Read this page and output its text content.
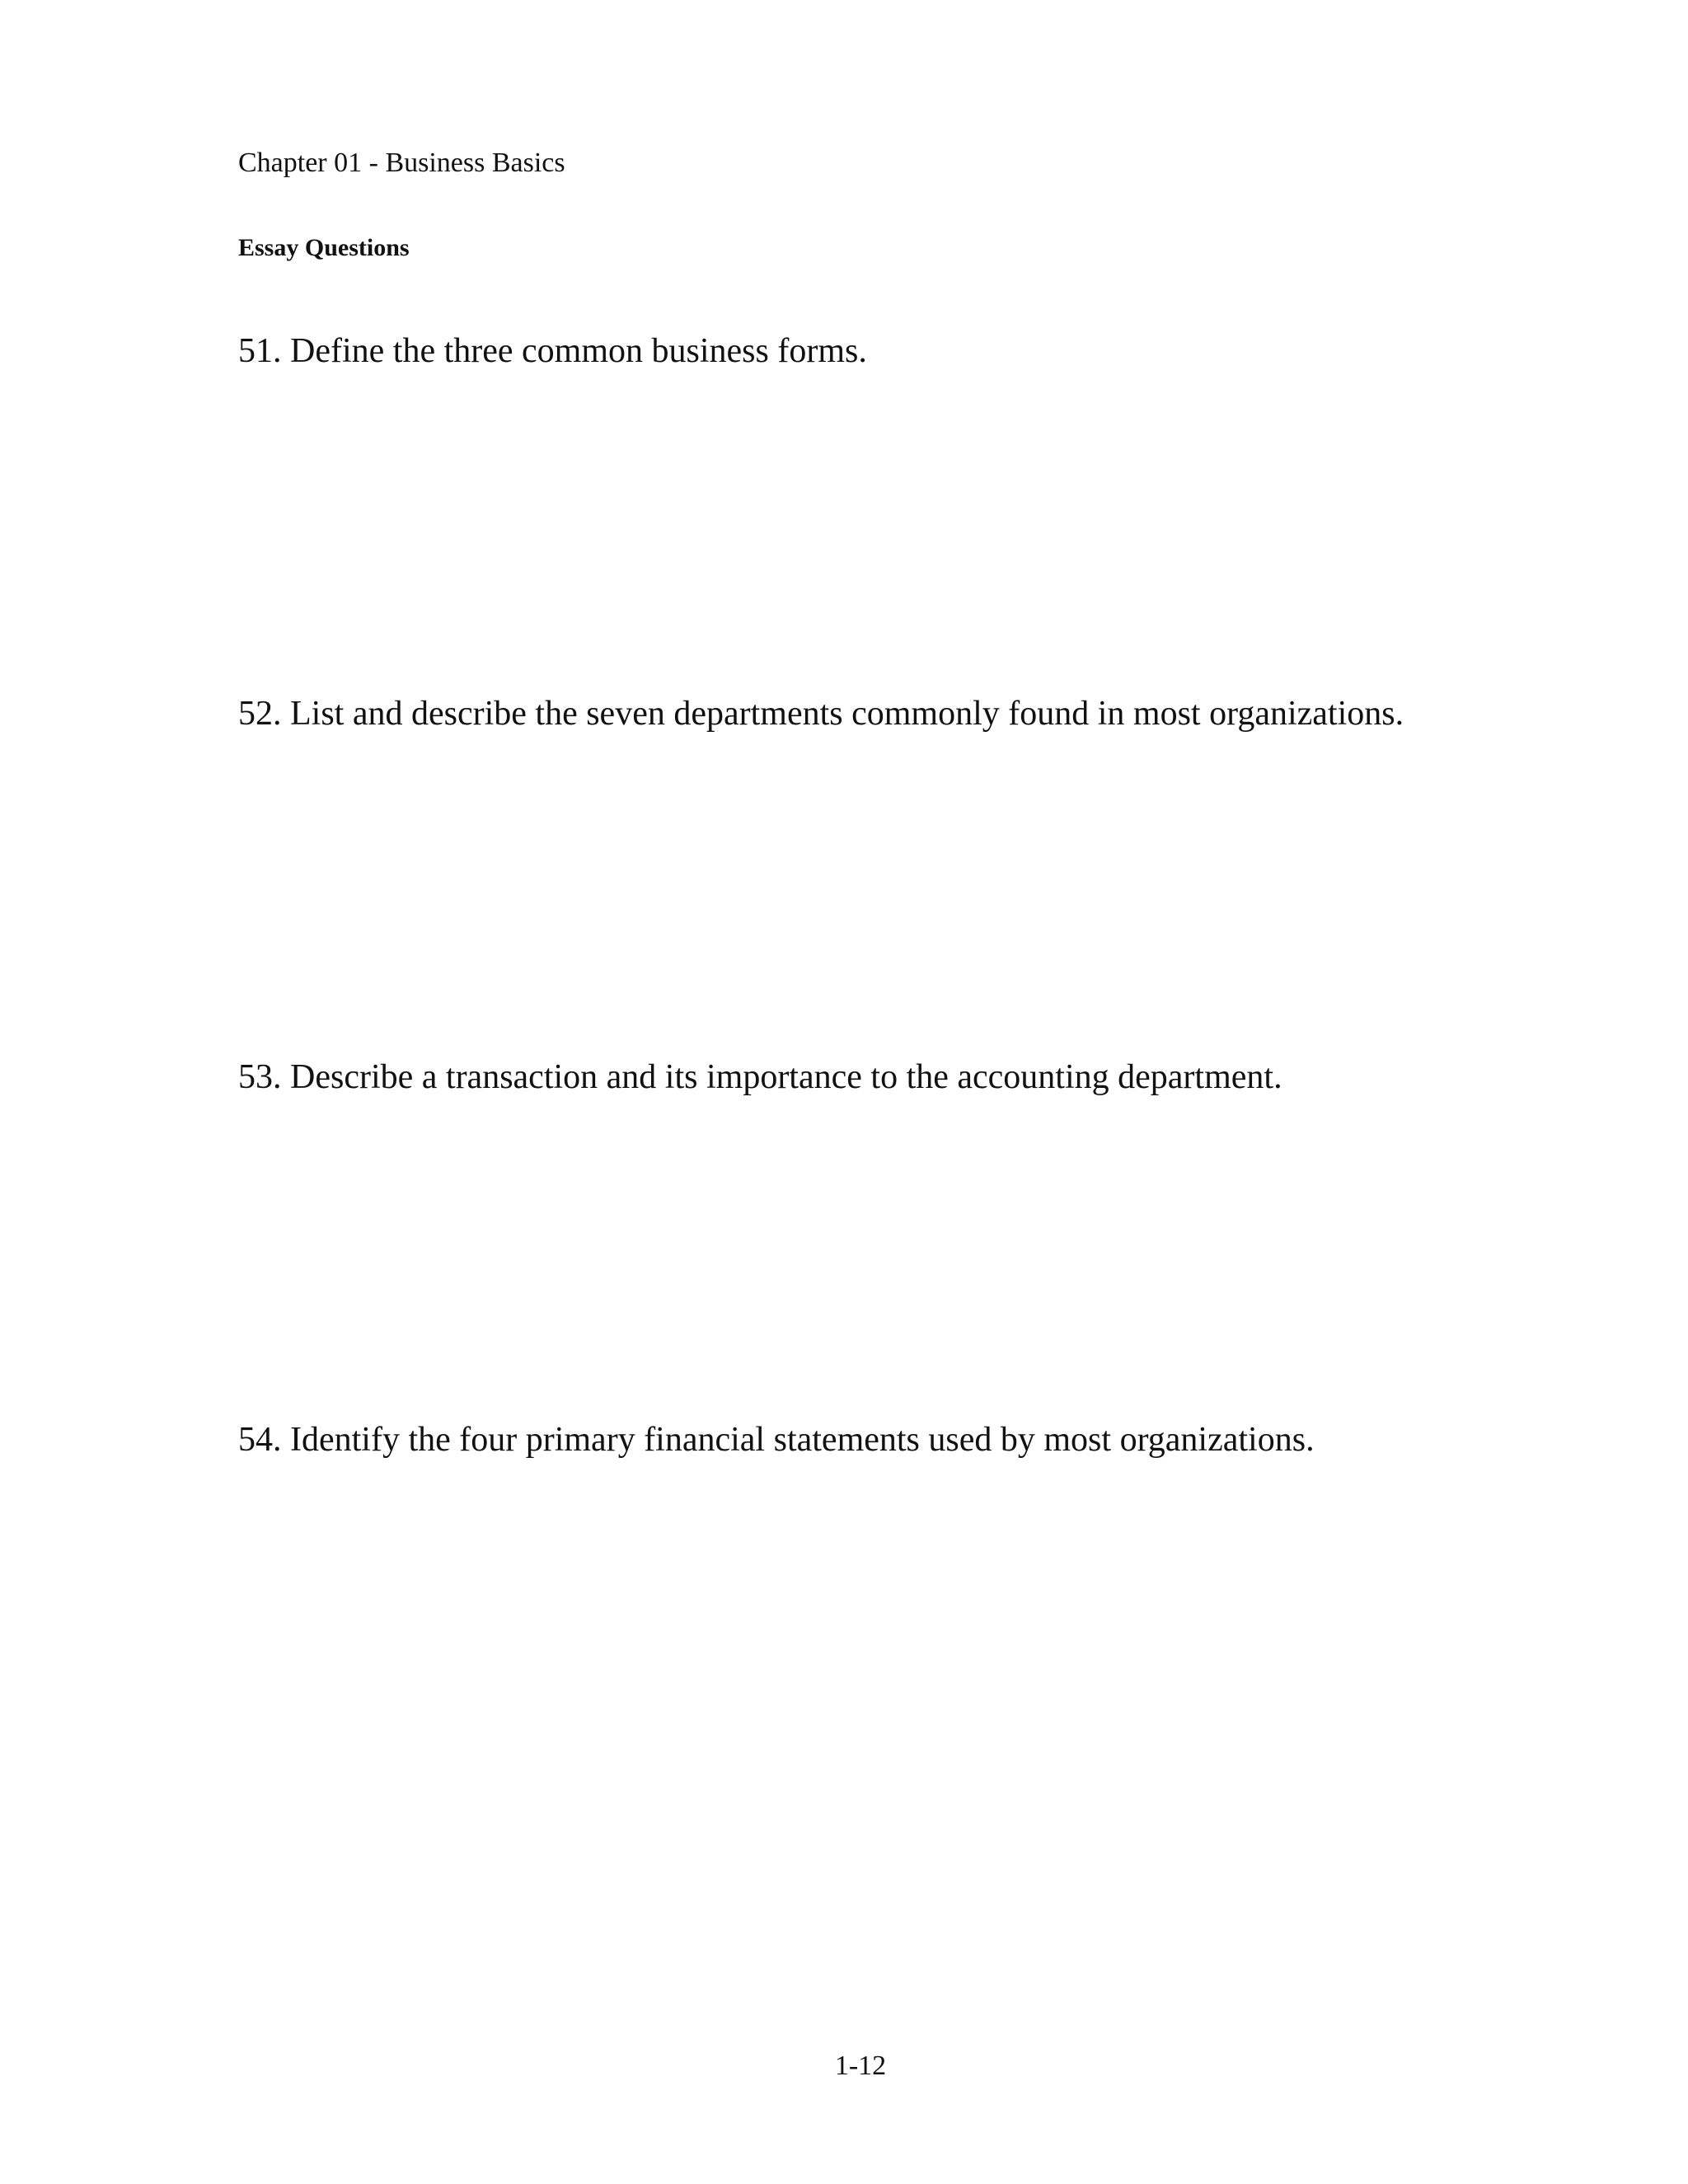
Chapter 01 - Business Basics
Essay Questions
51. Define the three common business forms.
52. List and describe the seven departments commonly found in most organizations.
53. Describe a transaction and its importance to the accounting department.
54. Identify the four primary financial statements used by most organizations.
1-12
